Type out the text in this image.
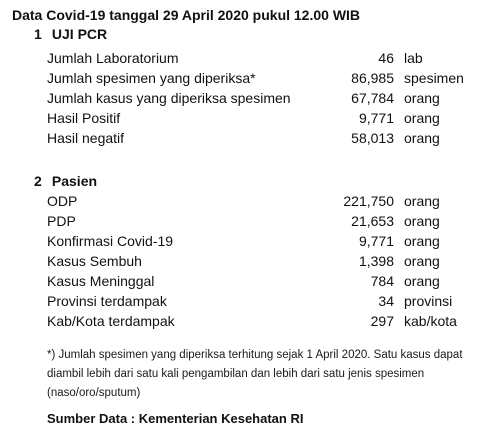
Data Covid-19 tanggal 29 April 2020 pukul 12.00 WIB
1 UJI PCR
Jumlah Laboratorium	46 lab
Jumlah spesimen yang diperiksa*	86,985 spesimen
Jumlah kasus yang diperiksa spesimen	67,784 orang
Hasil Positif	9,771 orang
Hasil negatif	58,013 orang
2 Pasien
ODP	221,750 orang
PDP	21,653 orang
Konfirmasi Covid-19	9,771 orang
Kasus Sembuh	1,398 orang
Kasus Meninggal	784 orang
Provinsi terdampak	34 provinsi
Kab/Kota terdampak	297 kab/kota
*) Jumlah spesimen yang diperiksa terhitung sejak 1 April 2020. Satu kasus dapat diambil lebih dari satu kali pengambilan dan lebih dari satu jenis spesimen (naso/oro/sputum)
Sumber Data : Kementerian Kesehatan RI
